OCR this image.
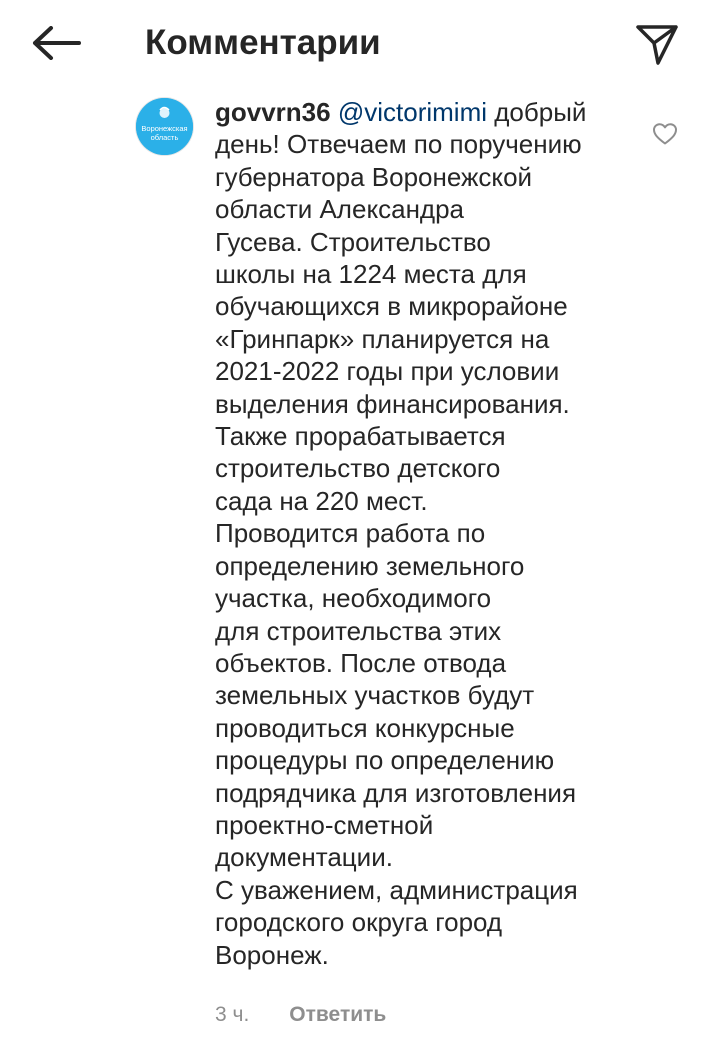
Комментарии
Воронежская
область
govvrn36 @victorimimi добрый
день! Отвечаем по поручению
губернатора Воронежской
области Александра
Гусева. Строительство
школы на 1224 места для
обучающихся в микрорайоне
«Гринпарк» планируется на
2021-2022 годы при условии
выделения финансирования.
Также прорабатывается
строительство детского
сада на 220 мест.
Проводится работа по
определению земельного
участка, необходимого
для строительства этих
объектов. После отвода
земельных участков будут
проводиться конкурсные
процедуры по определению
подрядчика для изготовления
проектно-сметной
документации.
С уважением, администрация
городского округа город
Воронеж.
3 ч. Ответить
